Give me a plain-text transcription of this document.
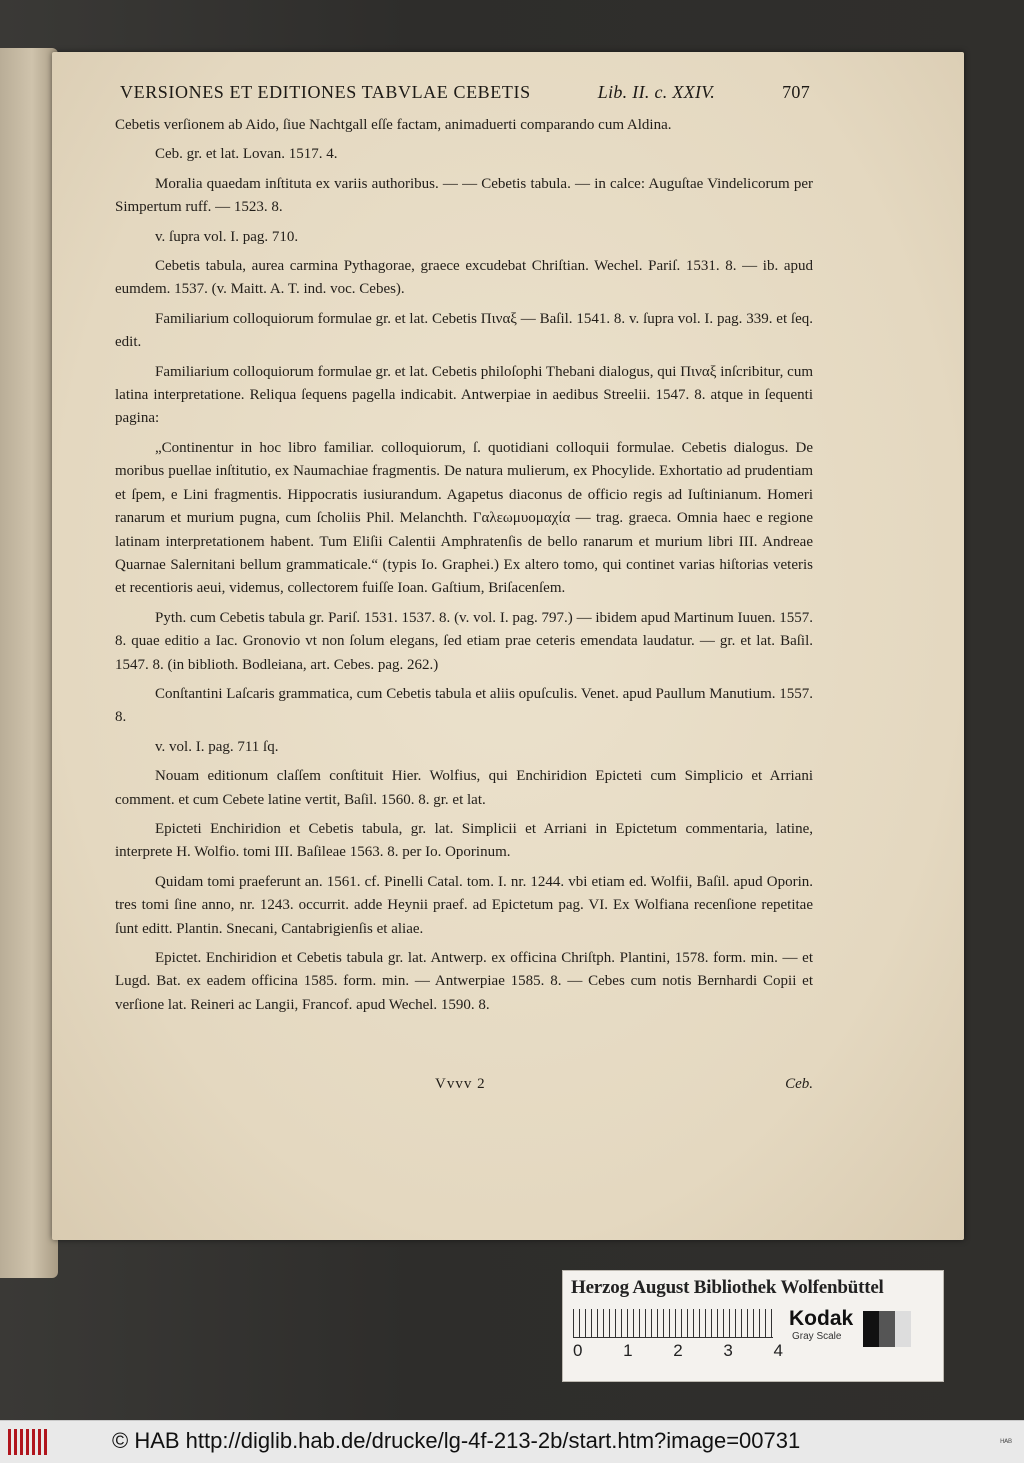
VERSIONES ET EDITIONES TABVLAE CEBETIS	Lib. II. c. XXIV.	707

Cebetis verſionem ab Aido, ſiue Nachtgall eſſe factam, animaduerti comparando cum Aldina.

Ceb. gr. et lat. Lovan. 1517. 4.

Moralia quaedam inſtituta ex variis authoribus. — — Cebetis tabula. — in calce: Auguſtae Vindelicorum per Simpertum ruff. — 1523. 8.

v. ſupra vol. I. pag. 710.

Cebetis tabula, aurea carmina Pythagorae, graece excudebat Chriſtian. Wechel. Pariſ. 1531. 8. — ib. apud eumdem. 1537. (v. Maitt. A. T. ind. voc. Cebes).

Familiarium colloquiorum formulae gr. et lat. Cebetis Πιναξ — Baſil. 1541. 8. v. ſupra vol. I. pag. 339. et ſeq. edit.

Familiarium colloquiorum formulae gr. et lat. Cebetis philoſophi Thebani dialogus, qui Πιναξ inſcribitur, cum latina interpretatione. Reliqua ſequens pagella indicabit. Antwerpiae in aedibus Streelii. 1547. 8. atque in ſequenti pagina:

„Continentur in hoc libro familiar. colloquiorum, ſ. quotidiani colloquii formulae. Cebetis dialogus. De moribus puellae inſtitutio, ex Naumachiae fragmentis. De natura mulierum, ex Phocylide. Exhortatio ad prudentiam et ſpem, e Lini fragmentis. Hippocratis iusiurandum. Agapetus diaconus de officio regis ad Iuſtinianum. Homeri ranarum et murium pugna, cum ſcholiis Phil. Melanchth. Γαλεωμυομαχία — trag. graeca. Omnia haec e regione latinam interpretationem habent. Tum Eliſii Calentii Amphratenſis de bello ranarum et murium libri III. Andreae Quarnae Salernitani bellum grammaticale.“ (typis Io. Graphei.) Ex altero tomo, qui continet varias hiſtorias veteris et recentioris aeui, videmus, collectorem fuiſſe Ioan. Gaſtium, Briſacenſem.

Pyth. cum Cebetis tabula gr. Pariſ. 1531. 1537. 8. (v. vol. I. pag. 797.) — ibidem apud Martinum Iuuen. 1557. 8. quae editio a Iac. Gronovio vt non ſolum elegans, ſed etiam prae ceteris emendata laudatur. — gr. et lat. Baſil. 1547. 8. (in biblioth. Bodleiana, art. Cebes. pag. 262.)

Conſtantini Laſcaris grammatica, cum Cebetis tabula et aliis opuſculis. Venet. apud Paullum Manutium. 1557. 8.

v. vol. I. pag. 711 ſq.

Nouam editionum claſſem conſtituit Hier. Wolfius, qui Enchiridion Epicteti cum Simplicio et Arriani comment. et cum Cebete latine vertit, Baſil. 1560. 8. gr. et lat.

Epicteti Enchiridion et Cebetis tabula, gr. lat. Simplicii et Arriani in Epictetum commentaria, latine, interprete H. Wolfio. tomi III. Baſileae 1563. 8. per Io. Oporinum.

Quidam tomi praeferunt an. 1561. cf. Pinelli Catal. tom. I. nr. 1244. vbi etiam ed. Wolfii, Baſil. apud Oporin. tres tomi ſine anno, nr. 1243. occurrit. adde Heynii praef. ad Epictetum pag. VI. Ex Wolfiana recenſione repetitae ſunt editt. Plantin. Snecani, Cantabrigienſis et aliae.

Epictet. Enchiridion et Cebetis tabula gr. lat. Antwerp. ex officina Chriſtph. Plantini, 1578. form. min. — et Lugd. Bat. ex eadem officina 1585. form. min. — Antwerpiae 1585. 8. — Cebes cum notis Bernhardi Copii et verſione lat. Reineri ac Langii, Francof. apud Wechel. 1590. 8.

Vvvv 2	Ceb.
Herzog August Bibliothek Wolfenbüttel
0 1 2 3 4
Kodak
Gray Scale
© HAB http://diglib.hab.de/drucke/lg-4f-213-2b/start.htm?image=00731	ᴴᴬᴮ
